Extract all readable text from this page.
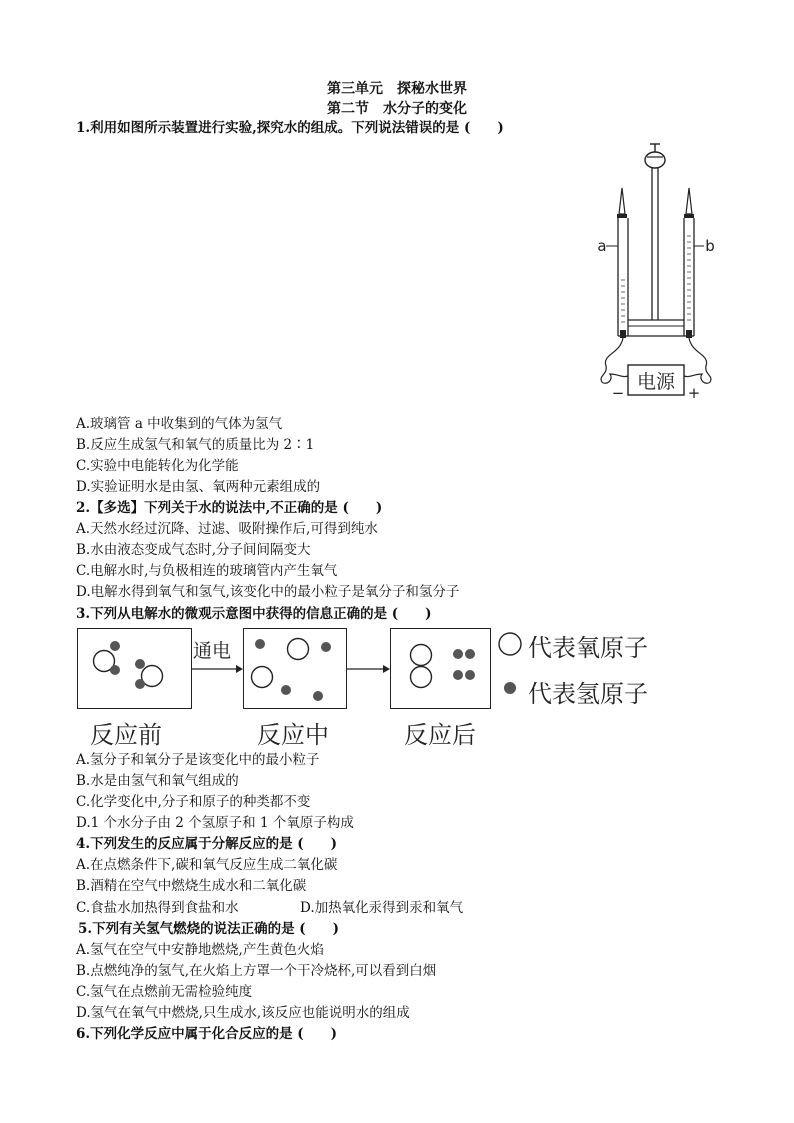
第三单元　探秘水世界
第二节　水分子的变化
1.利用如图所示装置进行实验,探究水的组成。下列说法错误的是 (　　)
电源
−	+
a	b
A.玻璃管 a 中收集到的气体为氢气
B.反应生成氢气和氧气的质量比为 2∶1
C.实验中电能转化为化学能
D.实验证明水是由氢、氧两种元素组成的
2.【多选】下列关于水的说法中,不正确的是 (　　)
A.天然水经过沉降、过滤、吸附操作后,可得到纯水
B.水由液态变成气态时,分子间间隔变大
C.电解水时,与负极相连的玻璃管内产生氧气
D.电解水得到氧气和氢气,该变化中的最小粒子是氧分子和氢分子
3.下列从电解水的微观示意图中获得的信息正确的是 (　　)
通电	代表氧原子
代表氢原子
反应前	反应中	反应后
A.氢分子和氧分子是该变化中的最小粒子
B.水是由氢气和氧气组成的
C.化学变化中,分子和原子的种类都不变
D.1 个水分子由 2 个氢原子和 1 个氧原子构成
4.下列发生的反应属于分解反应的是 (　　)
A.在点燃条件下,碳和氧气反应生成二氧化碳
B.酒精在空气中燃烧生成水和二氧化碳
C.食盐水加热得到食盐和水	D.加热氧化汞得到汞和氧气
5.下列有关氢气燃烧的说法正确的是 (　　)
A.氢气在空气中安静地燃烧,产生黄色火焰
B.点燃纯净的氢气,在火焰上方罩一个干冷烧杯,可以看到白烟
C.氢气在点燃前无需检验纯度
D.氢气在氧气中燃烧,只生成水,该反应也能说明水的组成
6.下列化学反应中属于化合反应的是 (　　)
